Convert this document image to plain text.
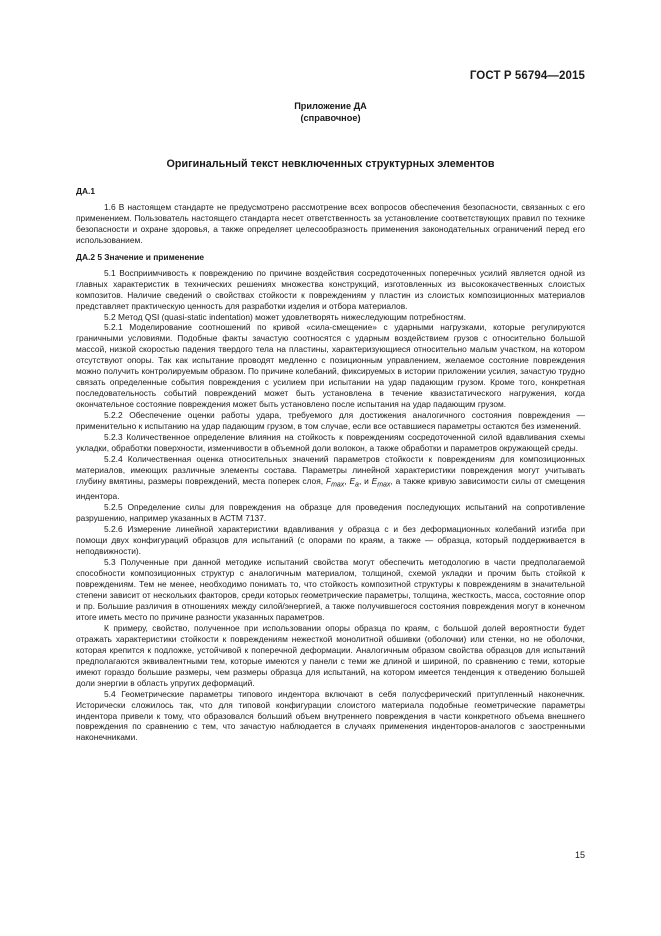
ГОСТ Р 56794—2015
Приложение ДА
(справочное)
Оригинальный текст невключенных структурных элементов

ДА.1

1.6 В настоящем стандарте не предусмотрено рассмотрение всех вопросов обеспечения безопасности, связанных с его применением. Пользователь настоящего стандарта несет ответственность за установление соответствующих правил по технике безопасности и охране здоровья, а также определяет целесообразность применения законодательных ограничений перед его использованием.

ДА.2 5 Значение и применение

5.1 Восприимчивость к повреждению по причине воздействия сосредоточенных поперечных усилий является одной из главных характеристик в технических решениях множества конструкций, изготовленных из высококачественных слоистых композитов. Наличие сведений о свойствах стойкости к повреждениям у пластин из слоистых композиционных материалов представляет практическую ценность для разработки изделия и отбора материалов.

5.2 Метод QSI (quasi-static indentation) может удовлетворять нижеследующим потребностям.

5.2.1 Моделирование соотношений по кривой «сила-смещение» с ударными нагрузками, которые регулируются граничными условиями. Подобные факты зачастую соотносятся с ударным воздействием грузов с относительно большой массой, низкой скоростью падения твердого тела на пластины, характеризующиеся относительно малым участком, на котором отсутствуют опоры. Так как испытание проводят медленно с позиционным управлением, желаемое состояние повреждения можно получить контролируемым образом. По причине колебаний, фиксируемых в истории приложении усилия, зачастую трудно связать определенные события повреждения с усилием при испытании на удар падающим грузом. Кроме того, конкретная последовательность событий повреждений может быть установлена в течение квазистатического нагружения, когда окончательное состояние повреждения может быть установлено после испытания на удар падающим грузом.

5.2.2 Обеспечение оценки работы удара, требуемого для достижения аналогичного состояния повреждения — применительно к испытанию на удар падающим грузом, в том случае, если все оставшиеся параметры остаются без изменений.

5.2.3 Количественное определение влияния на стойкость к повреждениям сосредоточенной силой вдавливания схемы укладки, обработки поверхности, изменчивости в объемной доли волокон, а также обработки и параметров окружающей среды.

5.2.4 Количественная оценка относительных значений параметров стойкости к повреждениям для композиционных материалов, имеющих различные элементы состава. Параметры линейной характеристики повреждения могут учитывать глубину вмятины, размеры повреждений, места поперек слоя, $F_{max}$, $E_a$, и $E_{max}$, а также кривую зависимости силы от смещения индентора.

5.2.5 Определение силы для повреждения на образце для проведения последующих испытаний на сопротивление разрушению, например указанных в АСТМ 7137.

5.2.6 Измерение линейной характеристики вдавливания у образца с и без деформационных колебаний изгиба при помощи двух конфигураций образцов для испытаний (с опорами по краям, а также — образца, который поддерживается в неподвижности).

5.3 Полученные при данной методике испытаний свойства могут обеспечить методологию в части предполагаемой способности композиционных структур с аналогичным материалом, толщиной, схемой укладки и прочим быть стойкой к повреждениям. Тем не менее, необходимо понимать то, что стойкость композитной структуры к повреждениям в значительной степени зависит от нескольких факторов, среди которых геометрические параметры, толщина, жесткость, масса, состояние опор и пр. Большие различия в отношениях между силой/энергией, а также получившегося состояния повреждения могут в конечном итоге иметь место по причине разности указанных параметров.

К примеру, свойство, полученное при использовании опоры образца по краям, с большой долей вероятности будет отражать характеристики стойкости к повреждениям нежесткой монолитной обшивки (оболочки) или стенки, но не оболочки, которая крепится к подложке, устойчивой к поперечной деформации. Аналогичным образом свойства образцов для испытаний предполагаются эквивалентными тем, которые имеются у панели с теми же длиной и шириной, по сравнению с теми, которые имеют гораздо большие размеры, чем размеры образца для испытаний, на котором имеется тенденция к отведению большей доли энергии в область упругих деформаций.

5.4 Геометрические параметры типового индентора включают в себя полусферический притупленный наконечник. Исторически сложилось так, что для типовой конфигурации слоистого материала подобные геометрические параметры индентора привели к тому, что образовался больший объем внутреннего повреждения в части конкретного объема внешнего повреждения по сравнению с тем, что зачастую наблюдается в случаях применения инденторов-аналогов с заостренными наконечниками.

15
